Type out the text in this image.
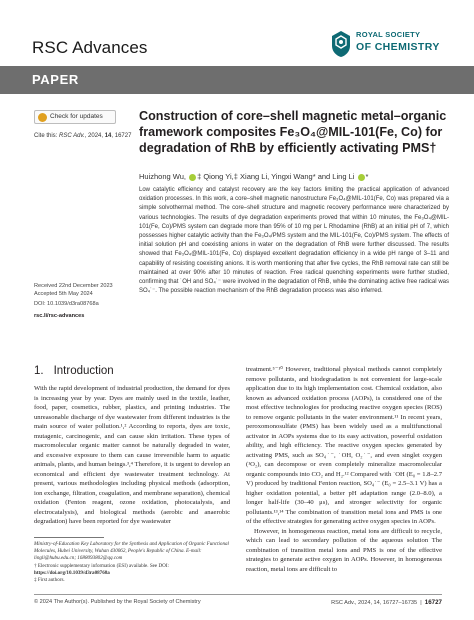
RSC Advances
ROYAL SOCIETY
OF CHEMISTRY
PAPER
Check for updates
Cite this: RSC Adv., 2024, 14, 16727
Construction of core–shell magnetic metal–organic framework composites Fe₃O₄@MIL-101(Fe, Co) for degradation of RhB by efficiently activating PMS†
Huizhong Wu, ‡ Qiong Yi,‡ Xiang Li, Yingxi Wang* and Ling Li *
Low catalytic efficiency and catalyst recovery are the key factors limiting the practical application of advanced oxidation processes. In this work, a core–shell magnetic nanostructure Fe₃O₄@MIL-101(Fe, Co) was prepared via a simple solvothermal method. The core–shell structure and magnetic recovery performance were characterized by various technologies. The results of dye degradation experiments proved that within 10 minutes, the Fe₃O₄@MIL-101(Fe, Co)/PMS system can degrade more than 95% of 10 mg per L Rhodamine (RhB) at an initial pH of 7, which possesses higher catalytic activity than the Fe₃O₄/PMS system and the MIL-101(Fe, Co)/PMS system. The effects of initial solution pH and coexisting anions in water on the degradation of RhB were further discussed. The results showed that Fe₃O₄@MIL-101(Fe, Co) displayed excellent degradation efficiency in a wide pH range of 3–11 and capability of resisting coexisting anions. It is worth mentioning that after five cycles, the RhB removal rate can still be maintained at over 90% after 10 minutes of reaction. Free radical quenching experiments were further studied, confirming that ˙OH and SO₄˙⁻ were involved in the degradation of RhB, while the dominating active free radical was SO₄˙⁻. The possible reaction mechanism of the RhB degradation process was also inferred.
Received 22nd December 2023
Accepted 5th May 2024
DOI: 10.1039/d3ra08768a
rsc.li/rsc-advances
1. Introduction

With the rapid development of industrial production, the demand for dyes is increasing year by year. Dyes are mainly used in the textile, leather, food, paper, cosmetics, rubber, plastics, and printing industries. The unreasonable discharge of dye wastewater from different industries is the main source of water pollution.¹,² According to reports, dyes are toxic, mutagenic, carcinogenic, and can cause skin irritation. These types of macromolecular organic matter cannot be naturally degraded in water, and excessive exposure to them can cause irreversible harm to aquatic animals, plants, and human beings.³,⁴ Therefore, it is urgent to develop an economical and efficient dye wastewater treatment technology. At present, various methodologies including physical methods (adsorption, ion exchange, filtration, coagulation, and membrane separation), chemical oxidation (Fenton reagent, ozone oxidation, photocatalysis, and electrocatalysis), and biological methods (aerobic and anaerobic degradation) have been reported for dye wastewater

treatment.⁵⁻¹⁰ However, traditional physical methods cannot completely remove pollutants, and biodegradation is not convenient for large-scale application due to its high implementation cost. Chemical oxidation, also known as advanced oxidation process (AOPs), is considered one of the most effective technologies for producing reactive oxygen species (ROS) to remove organic pollutants in the water environment.¹¹ In recent years, peroxomonosulfate (PMS) has been widely used as a multifunctional activator in AOPs systems due to its easy activation, powerful oxidation ability, and high efficiency. The reactive oxygen species generated by activating PMS, such as SO₄˙⁻, ˙OH, O₂˙⁻, and even singlet oxygen (¹O₂), can decompose or even completely mineralize macromolecular organic compounds into CO₂ and H₂.¹² Compared with ˙OH (E₀ = 1.8–2.7 V) produced by traditional Fenton reaction, SO₄˙⁻ (E₀ = 2.5–3.1 V) has a higher oxidation potential, a better pH adaptation range (2.0–8.0), a longer half-life (30–40 μs), and stronger selectivity for organic pollutants.¹³,¹⁴ The combination of transition metal ions and PMS is one of the effective strategies for generating active oxygen species in AOPs.

However, in homogeneous reaction, metal ions are difficult to recycle, which can lead to secondary pollution of the aqueous solution The combination of transition metal ions and PMS is one of the effective strategies to generate active oxygen in AOPs. However, in homogeneous reaction, metal ions are difficult to

Ministry-of-Education Key Laboratory for the Synthesis and Application of Organic Functional Molecules, Hubei University, Wuhan 430062, People's Republic of China. E-mail: lingli@hubu.edu.cn; 1688093802@qq.com
† Electronic supplementary information (ESI) available. See DOI: https://doi.org/10.1039/d3ra08768a
‡ First authors.
© 2024 The Author(s). Published by the Royal Society of Chemistry	RSC Adv., 2024, 14, 16727–16735  |  16727
